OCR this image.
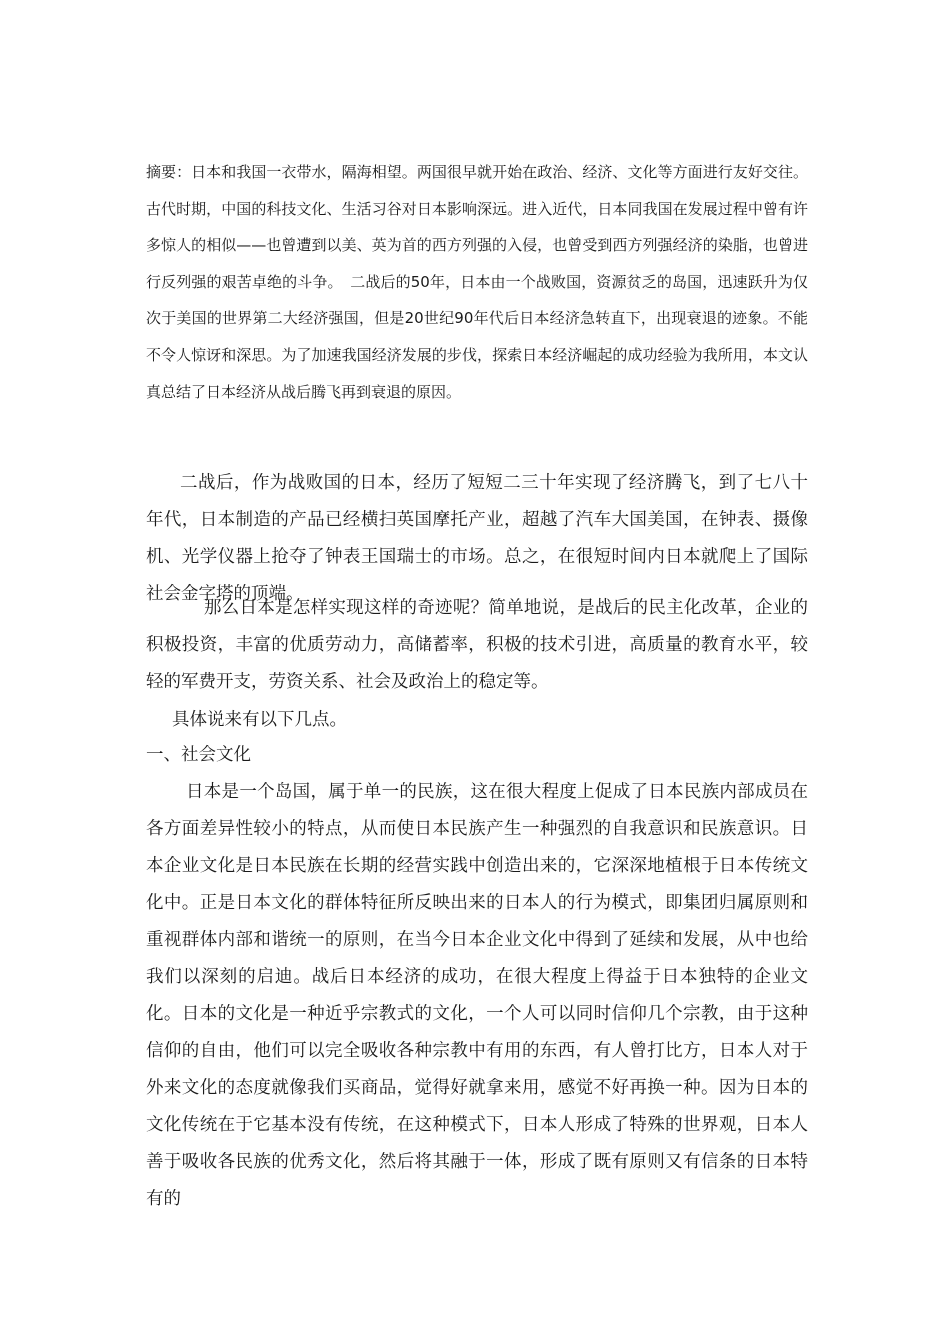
摘要：日本和我国一衣带水，隔海相望。两国很早就开始在政治、经济、文化等方面进行友好交往。古代时期，中国的科技文化、生活习谷对日本影响深远。进入近代，日本同我国在发展过程中曾有许多惊人的相似——也曾遭到以美、英为首的西方列强的入侵，也曾受到西方列强经济的染脂，也曾进行反列强的艰苦卓绝的斗争。　二战后的50年，日本由一个战败国，资源贫乏的岛国，迅速跃升为仅次于美国的世界第二大经济强国，但是20世纪90年代后日本经济急转直下，出现衰退的迹象。不能不令人惊讶和深思。为了加速我国经济发展的步伐，探索日本经济崛起的成功经验为我所用，本文认真总结了日本经济从战后腾飞再到衰退的原因。

二战后，作为战败国的日本，经历了短短二三十年实现了经济腾飞，到了七八十年代，日本制造的产品已经横扫英国摩托产业，超越了汽车大国美国，在钟表、摄像机、光学仪器上抢夺了钟表王国瑞士的市场。总之，在很短时间内日本就爬上了国际社会金字塔的顶端。

那么日本是怎样实现这样的奇迹呢？简单地说，是战后的民主化改革，企业的积极投资，丰富的优质劳动力，高储蓄率，积极的技术引进，高质量的教育水平，较轻的军费开支，劳资关系、社会及政治上的稳定等。

具体说来有以下几点。

一、社会文化

日本是一个岛国，属于单一的民族，这在很大程度上促成了日本民族内部成员在各方面差异性较小的特点，从而使日本民族产生一种强烈的自我意识和民族意识。日本企业文化是日本民族在长期的经营实践中创造出来的，它深深地植根于日本传统文化中。正是日本文化的群体特征所反映出来的日本人的行为模式，即集团归属原则和重视群体内部和谐统一的原则，在当今日本企业文化中得到了延续和发展，从中也给我们以深刻的启迪。战后日本经济的成功，在很大程度上得益于日本独特的企业文化。日本的文化是一种近乎宗教式的文化，一个人可以同时信仰几个宗教，由于这种信仰的自由，他们可以完全吸收各种宗教中有用的东西，有人曾打比方，日本人对于外来文化的态度就像我们买商品，觉得好就拿来用，感觉不好再换一种。因为日本的文化传统在于它基本没有传统，在这种模式下，日本人形成了特殊的世界观，日本人善于吸收各民族的优秀文化，然后将其融于一体，形成了既有原则又有信条的日本特有的
